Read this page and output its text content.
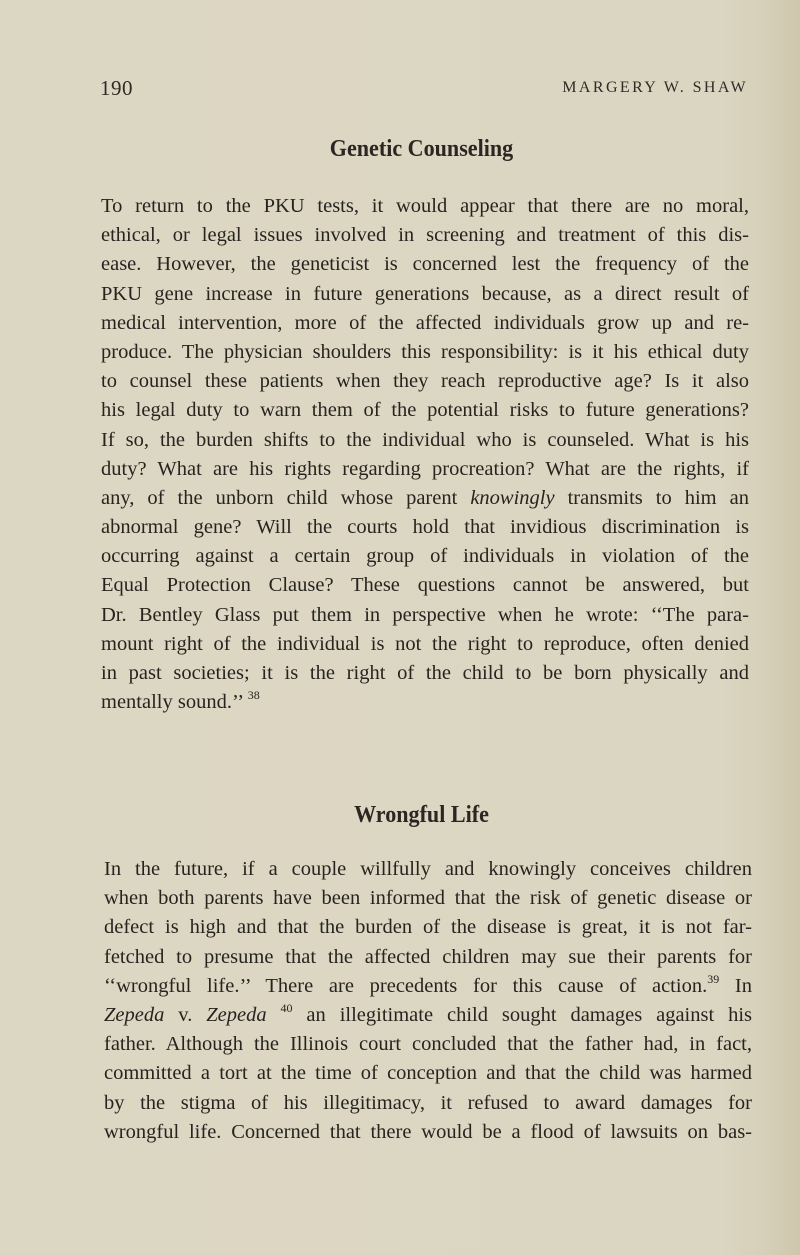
190	MARGERY W. SHAW
Genetic Counseling
To return to the PKU tests, it would appear that there are no moral,
ethical, or legal issues involved in screening and treatment of this dis-
ease. However, the geneticist is concerned lest the frequency of the
PKU gene increase in future generations because, as a direct result of
medical intervention, more of the affected individuals grow up and re-
produce. The physician shoulders this responsibility: is it his ethical duty
to counsel these patients when they reach reproductive age? Is it also
his legal duty to warn them of the potential risks to future generations?
If so, the burden shifts to the individual who is counseled. What is his
duty? What are his rights regarding procreation? What are the rights, if
any, of the unborn child whose parent knowingly transmits to him an
abnormal gene? Will the courts hold that invidious discrimination is
occurring against a certain group of individuals in violation of the
Equal Protection Clause? These questions cannot be answered, but
Dr. Bentley Glass put them in perspective when he wrote: ‘‘The para-
mount right of the individual is not the right to reproduce, often denied
in past societies; it is the right of the child to be born physically and
mentally sound.’’ $^{38}$
Wrongful Life
In the future, if a couple willfully and knowingly conceives children
when both parents have been informed that the risk of genetic disease or
defect is high and that the burden of the disease is great, it is not far-
fetched to presume that the affected children may sue their parents for
‘‘wrongful life.’’ There are precedents for this cause of action.$^{39}$ In
Zepeda v. Zepeda $^{40}$ an illegitimate child sought damages against his
father. Although the Illinois court concluded that the father had, in fact,
committed a tort at the time of conception and that the child was harmed
by the stigma of his illegitimacy, it refused to award damages for
wrongful life. Concerned that there would be a flood of lawsuits on bas-
